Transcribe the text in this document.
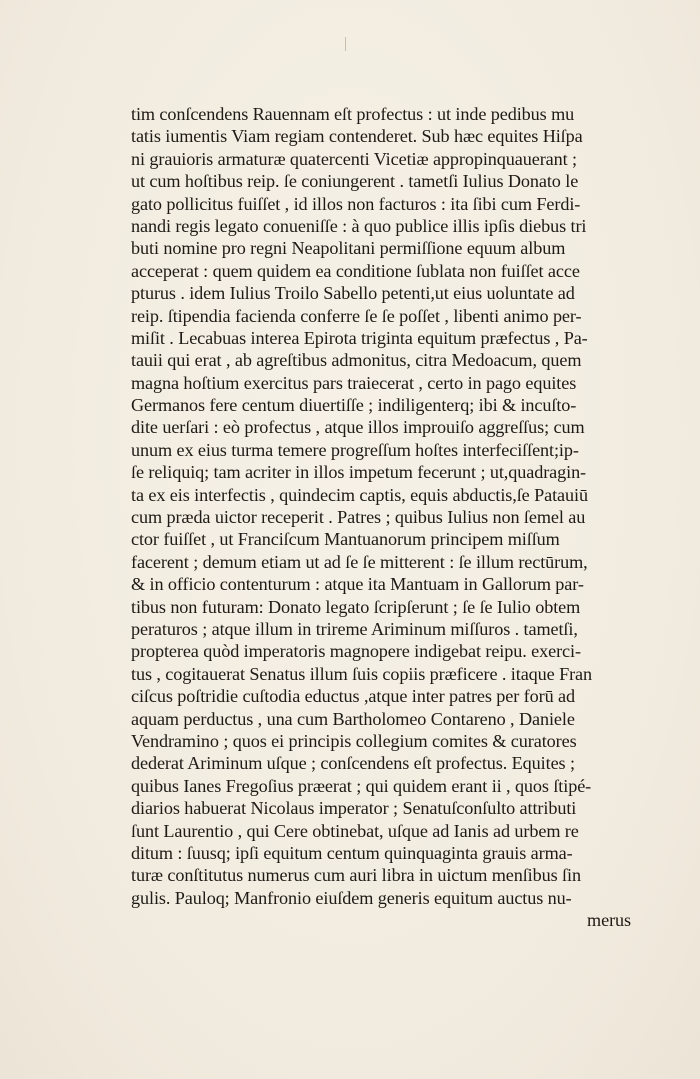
tim conſcendens Rauennam eſt profectus : ut inde pedibus mu
tatis iumentis Viam regiam contenderet. Sub hæc equites Hiſpa
ni grauioris armaturæ quatercenti Vicetiæ appropinquauerant ;
ut cum hoſtibus reip. ſe coniungerent . tametſi Iulius Donato le
gato pollicitus fuiſſet , id illos non facturos : ita ſibi cum Ferdi-
nandi regis legato conueniſſe : à quo publice illis ipſis diebus tri
buti nomine pro regni Neapolitani permiſſione equum album
acceperat : quem quidem ea conditione ſublata non fuiſſet acce
pturus . idem Iulius Troilo Sabello petenti,ut eius uoluntate ad
reip. ſtipendia facienda conferre ſe ſe poſſet , libenti animo per-
miſit . Lecabuas interea Epirota triginta equitum præfectus , Pa-
tauii qui erat , ab agreſtibus admonitus, citra Medoacum, quem
magna hoſtium exercitus pars traiecerat , certo in pago equites
Germanos fere centum diuertiſſe ; indiligenterq; ibi & incuſto-
dite uerſari : eò profectus , atque illos improuiſo aggreſſus; cum
unum ex eius turma temere progreſſum hoſtes interfeciſſent;ip-
ſe reliquiq; tam acriter in illos impetum fecerunt ; ut,quadragin-
ta ex eis interfectis , quindecim captis, equis abductis,ſe Patauiū
cum præda uictor receperit . Patres ; quibus Iulius non ſemel au
ctor fuiſſet , ut Franciſcum Mantuanorum principem miſſum
facerent ; demum etiam ut ad ſe ſe mitterent : ſe illum rectūrum,
& in officio contenturum : atque ita Mantuam in Gallorum par-
tibus non futuram: Donato legato ſcripſerunt ; ſe ſe Iulio obtem
peraturos ; atque illum in trireme Ariminum miſſuros . tametſi,
propterea quòd imperatoris magnopere indigebat reipu. exerci-
tus , cogitauerat Senatus illum ſuis copiis præficere . itaque Fran
ciſcus poſtridie cuſtodia eductus ,atque inter patres per forū ad
aquam perductus , una cum Bartholomeo Contareno , Daniele
Vendramino ; quos ei principis collegium comites & curatores
dederat Ariminum uſque ; conſcendens eſt profectus. Equites ;
quibus Ianes Fregoſius præerat ; qui quidem erant ii , quos ſtipé-
diarios habuerat Nicolaus imperator ; Senatuſconſulto attributi
ſunt Laurentio , qui Cere obtinebat, uſque ad Ianis ad urbem re
ditum : ſuusq; ipſi equitum centum quinquaginta grauis arma-
turæ conſtitutus numerus cum auri libra in uictum menſibus ſin
gulis. Pauloq; Manfronio eiuſdem generis equitum auctus nu-
merus
